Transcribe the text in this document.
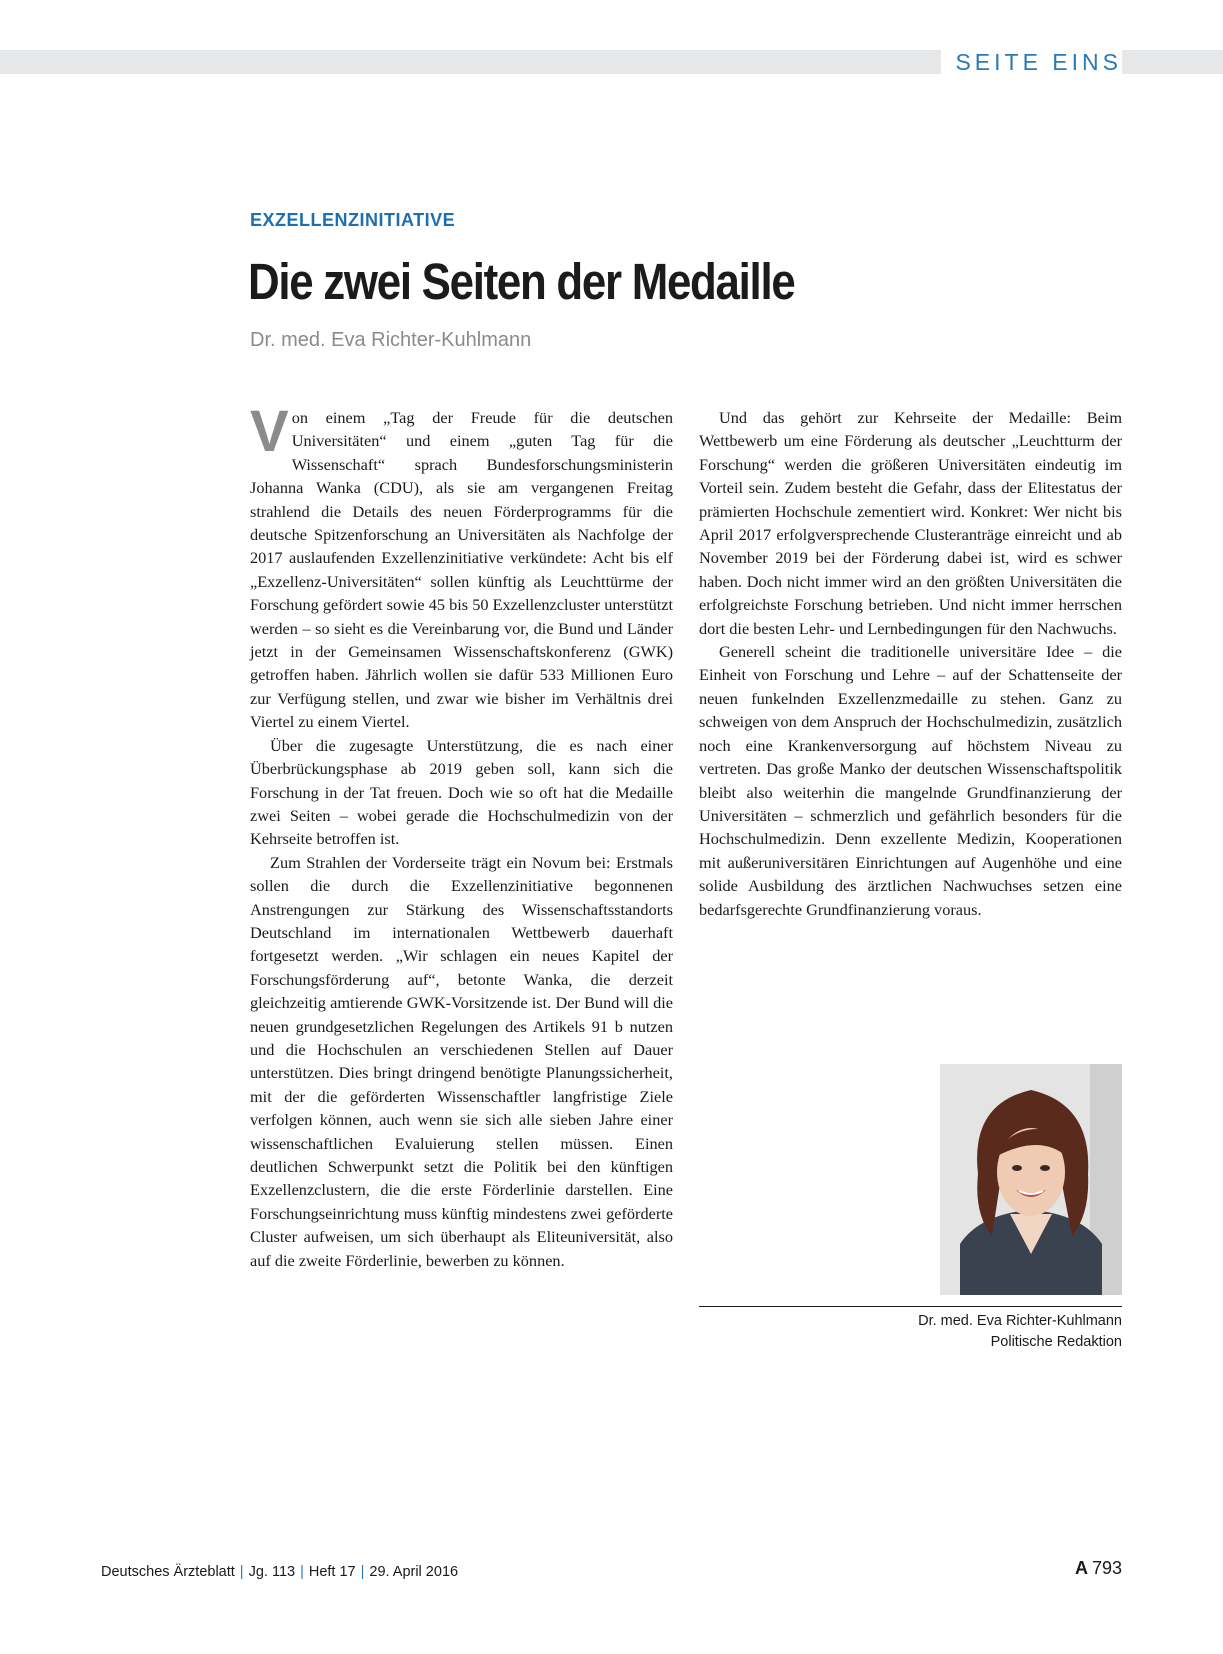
SEITE EINS
EXZELLENZINITIATIVE
Die zwei Seiten der Medaille
Dr. med. Eva Richter-Kuhlmann

Von einem „Tag der Freude für die deutschen Universitäten“ und einem „guten Tag für die Wissenschaft“ sprach Bundesforschungsministerin Johanna Wanka (CDU), als sie am vergangenen Freitag strahlend die Details des neuen Förderprogramms für die deutsche Spitzenforschung an Universitäten als Nachfolge der 2017 auslaufenden Exzellenzinitiative verkündete: Acht bis elf „Exzellenz-Universitäten“ sollen künftig als Leuchttürme der Forschung gefördert sowie 45 bis 50 Exzellenzcluster unterstützt werden – so sieht es die Vereinbarung vor, die Bund und Länder jetzt in der Gemeinsamen Wissenschaftskonferenz (GWK) getroffen haben. Jährlich wollen sie dafür 533 Millionen Euro zur Verfügung stellen, und zwar wie bisher im Verhältnis drei Viertel zu einem Viertel.

Über die zugesagte Unterstützung, die es nach einer Überbrückungsphase ab 2019 geben soll, kann sich die Forschung in der Tat freuen. Doch wie so oft hat die Medaille zwei Seiten – wobei gerade die Hochschulmedizin von der Kehrseite betroffen ist.

Zum Strahlen der Vorderseite trägt ein Novum bei: Erstmals sollen die durch die Exzellenzinitiative begonnenen Anstrengungen zur Stärkung des Wissenschaftsstandorts Deutschland im internationalen Wettbewerb dauerhaft fortgesetzt werden. „Wir schlagen ein neues Kapitel der Forschungsförderung auf“, betonte Wanka, die derzeit gleichzeitig amtierende GWK-Vorsitzende ist. Der Bund will die neuen grundgesetzlichen Regelungen des Artikels 91 b nutzen und die Hochschulen an verschiedenen Stellen auf Dauer unterstützen. Dies bringt dringend benötigte Planungssicherheit, mit der die geförderten Wissenschaftler langfristige Ziele verfolgen können, auch wenn sie sich alle sieben Jahre einer wissenschaftlichen Evaluierung stellen müssen. Einen deutlichen Schwerpunkt setzt die Politik bei den künftigen Exzellenzclustern, die die erste Förderlinie darstellen. Eine Forschungseinrichtung muss künftig mindestens zwei geförderte Cluster aufweisen, um sich überhaupt als Eliteuniversität, also auf die zweite Förderlinie, bewerben zu können.

Und das gehört zur Kehrseite der Medaille: Beim Wettbewerb um eine Förderung als deutscher „Leuchtturm der Forschung“ werden die größeren Universitäten eindeutig im Vorteil sein. Zudem besteht die Gefahr, dass der Elitestatus der prämierten Hochschule zementiert wird. Konkret: Wer nicht bis April 2017 erfolgversprechende Clusteranträge einreicht und ab November 2019 bei der Förderung dabei ist, wird es schwer haben. Doch nicht immer wird an den größten Universitäten die erfolgreichste Forschung betrieben. Und nicht immer herrschen dort die besten Lehr- und Lernbedingungen für den Nachwuchs.

Generell scheint die traditionelle universitäre Idee – die Einheit von Forschung und Lehre – auf der Schattenseite der neuen funkelnden Exzellenzmedaille zu stehen. Ganz zu schweigen von dem Anspruch der Hochschulmedizin, zusätzlich noch eine Krankenversorgung auf höchstem Niveau zu vertreten. Das große Manko der deutschen Wissenschaftspolitik bleibt also weiterhin die mangelnde Grundfinanzierung der Universitäten – schmerzlich und gefährlich besonders für die Hochschulmedizin. Denn exzellente Medizin, Kooperationen mit außeruniversitären Einrichtungen auf Augenhöhe und eine solide Ausbildung des ärztlichen Nachwuchses setzen eine bedarfsgerechte Grundfinanzierung voraus.

Dr. med. Eva Richter-Kuhlmann
Politische Redaktion
Deutsches Ärzteblatt | Jg. 113 | Heft 17 | 29. April 2016	A 793
